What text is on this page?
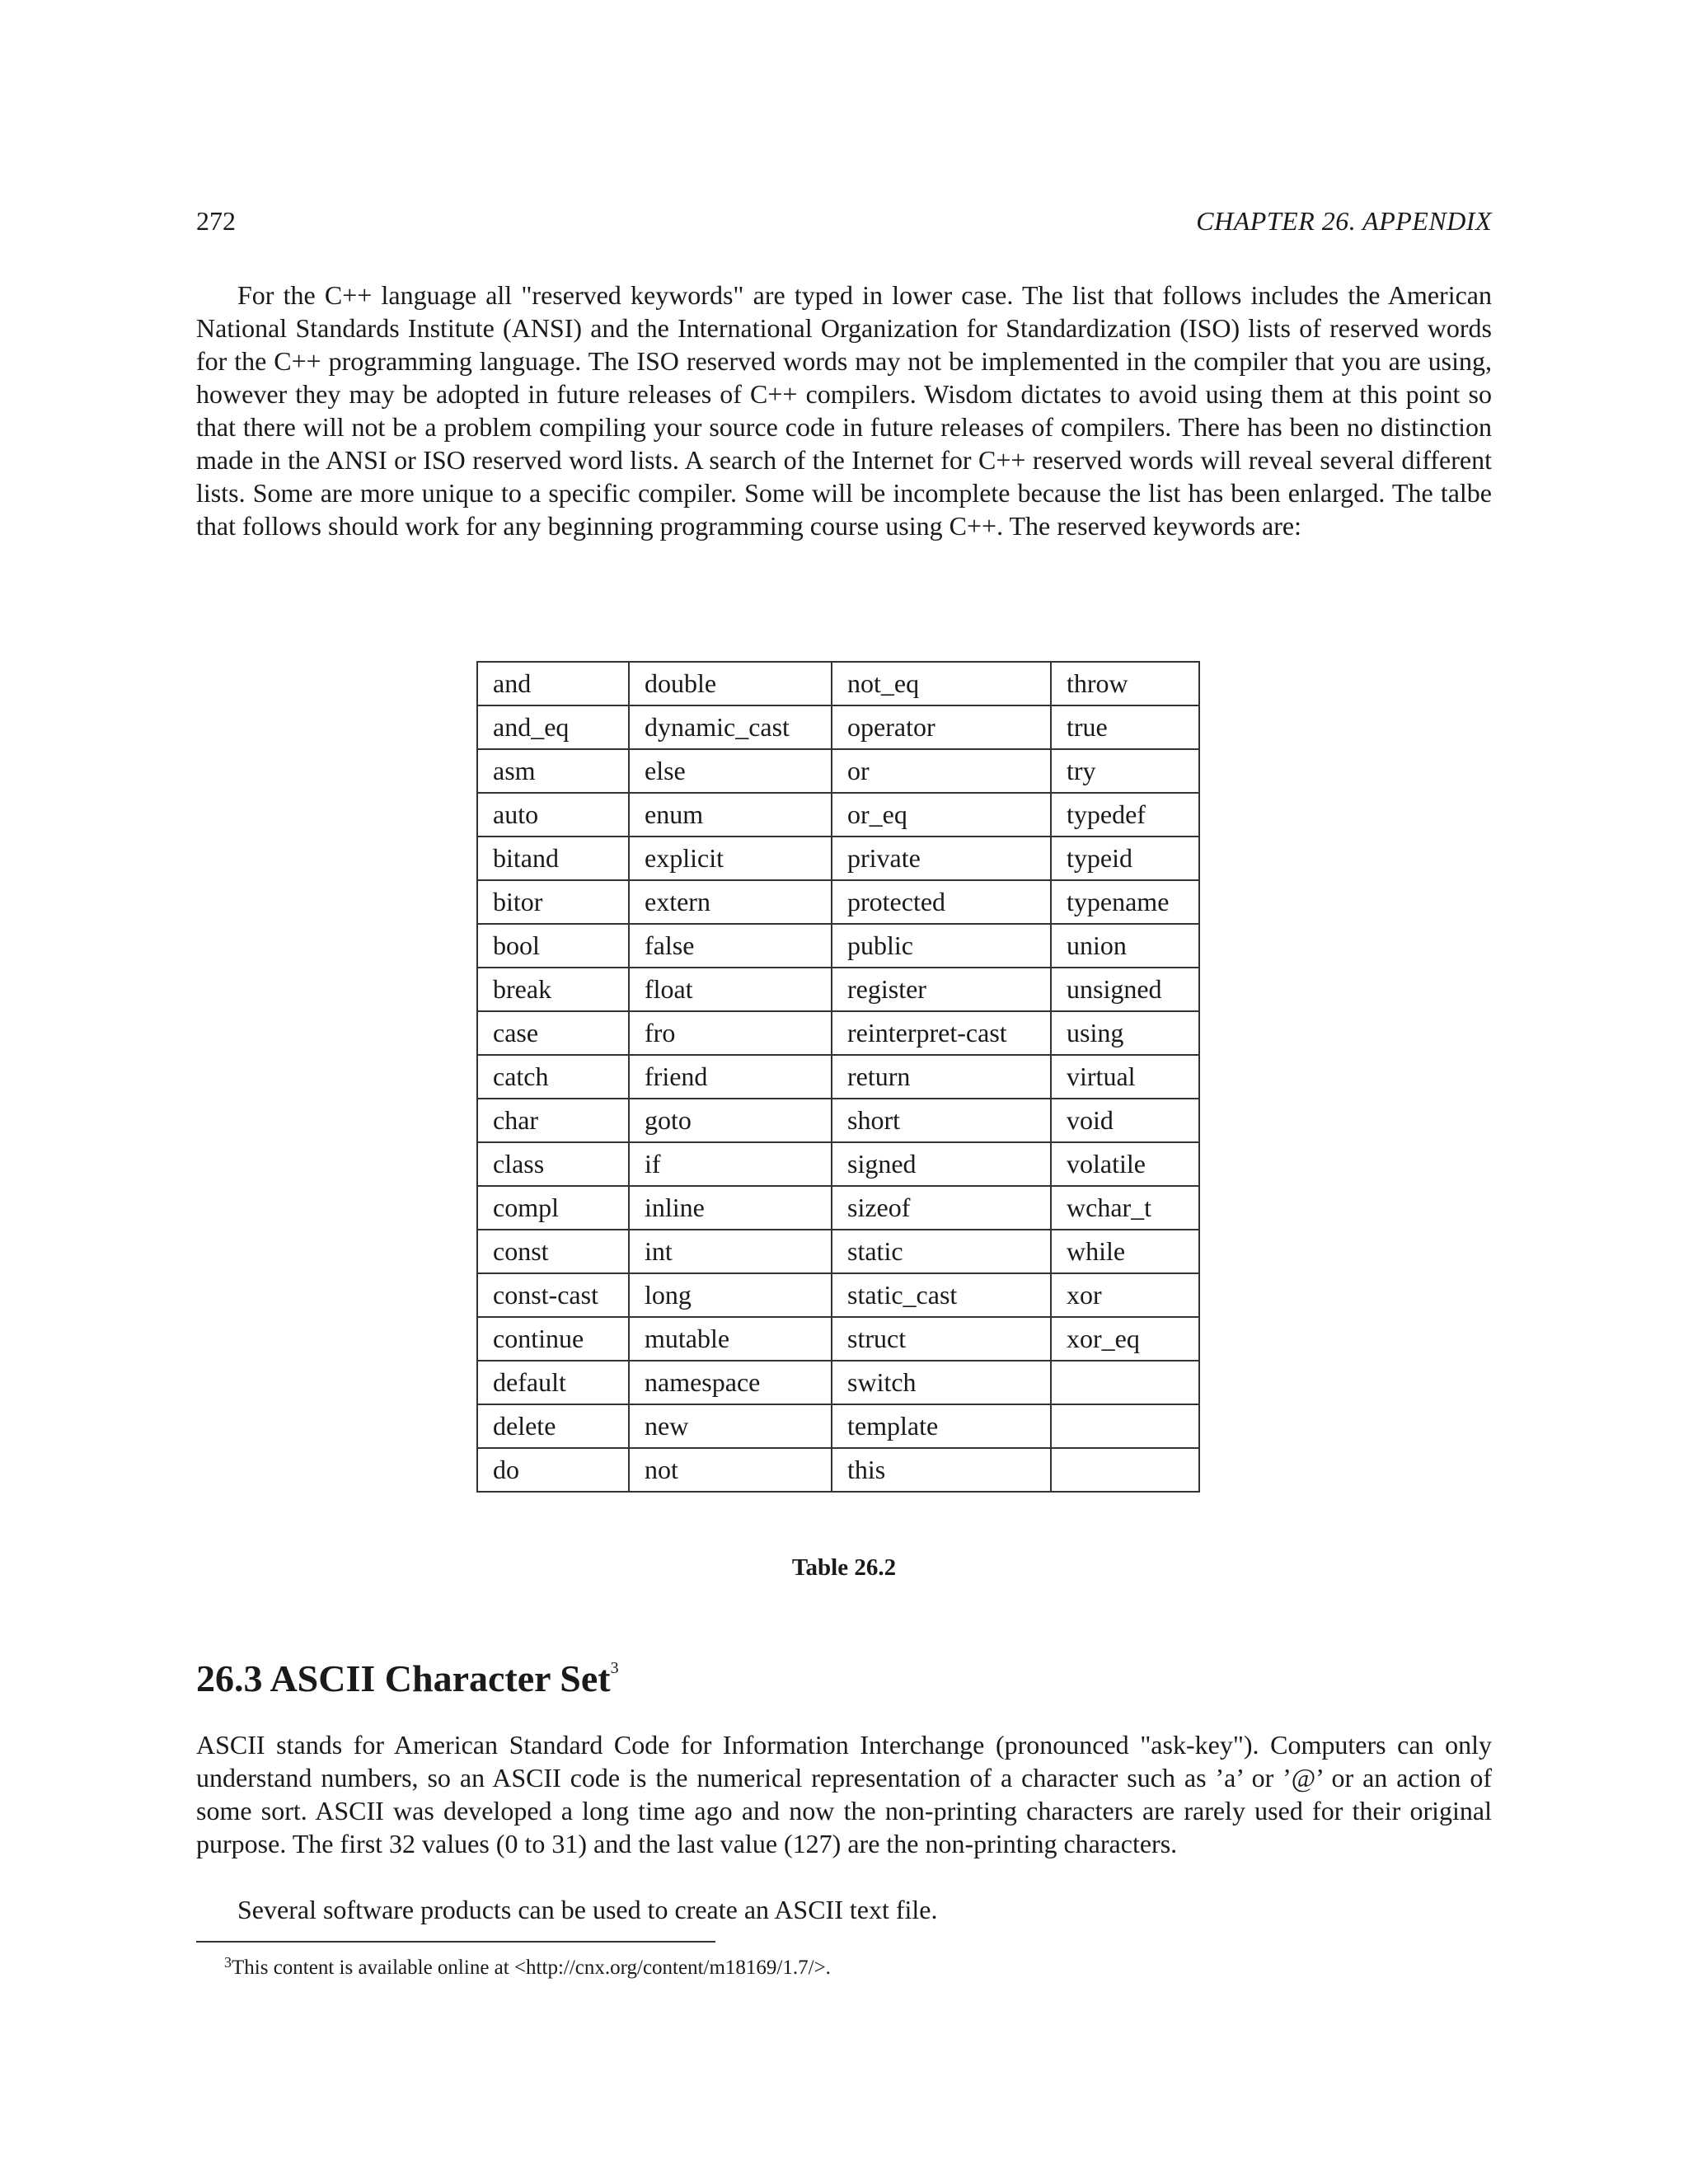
272	CHAPTER 26. APPENDIX

For the C++ language all "reserved keywords" are typed in lower case. The list that follows includes the American National Standards Institute (ANSI) and the International Organization for Standardization (ISO) lists of reserved words for the C++ programming language. The ISO reserved words may not be implemented in the compiler that you are using, however they may be adopted in future releases of C++ compilers. Wisdom dictates to avoid using them at this point so that there will not be a problem compiling your source code in future releases of compilers. There has been no distinction made in the ANSI or ISO reserved word lists. A search of the Internet for C++ reserved words will reveal several different lists. Some are more unique to a specific compiler. Some will be incomplete because the list has been enlarged. The talbe that follows should work for any beginning programming course using C++. The reserved keywords are:

and	double	not_eq	throw
and_eq	dynamic_cast	operator	true
asm	else	or	try
auto	enum	or_eq	typedef
bitand	explicit	private	typeid
bitor	extern	protected	typename
bool	false	public	union
break	float	register	unsigned
case	fro	reinterpret-cast	using
catch	friend	return	virtual
char	goto	short	void
class	if	signed	volatile
compl	inline	sizeof	wchar_t
const	int	static	while
const-cast	long	static_cast	xor
continue	mutable	struct	xor_eq
default	namespace	switch	
delete	new	template	
do	not	this	
Table 26.2
26.3 ASCII Character Set$^3$

ASCII stands for American Standard Code for Information Interchange (pronounced "ask-key"). Computers can only understand numbers, so an ASCII code is the numerical representation of a character such as ’a’ or ’@’ or an action of some sort. ASCII was developed a long time ago and now the non-printing characters are rarely used for their original purpose. The first 32 values (0 to 31) and the last value (127) are the non-printing characters.

Several software products can be used to create an ASCII text file.

$^3$This content is available online at <http://cnx.org/content/m18169/1.7/>.
